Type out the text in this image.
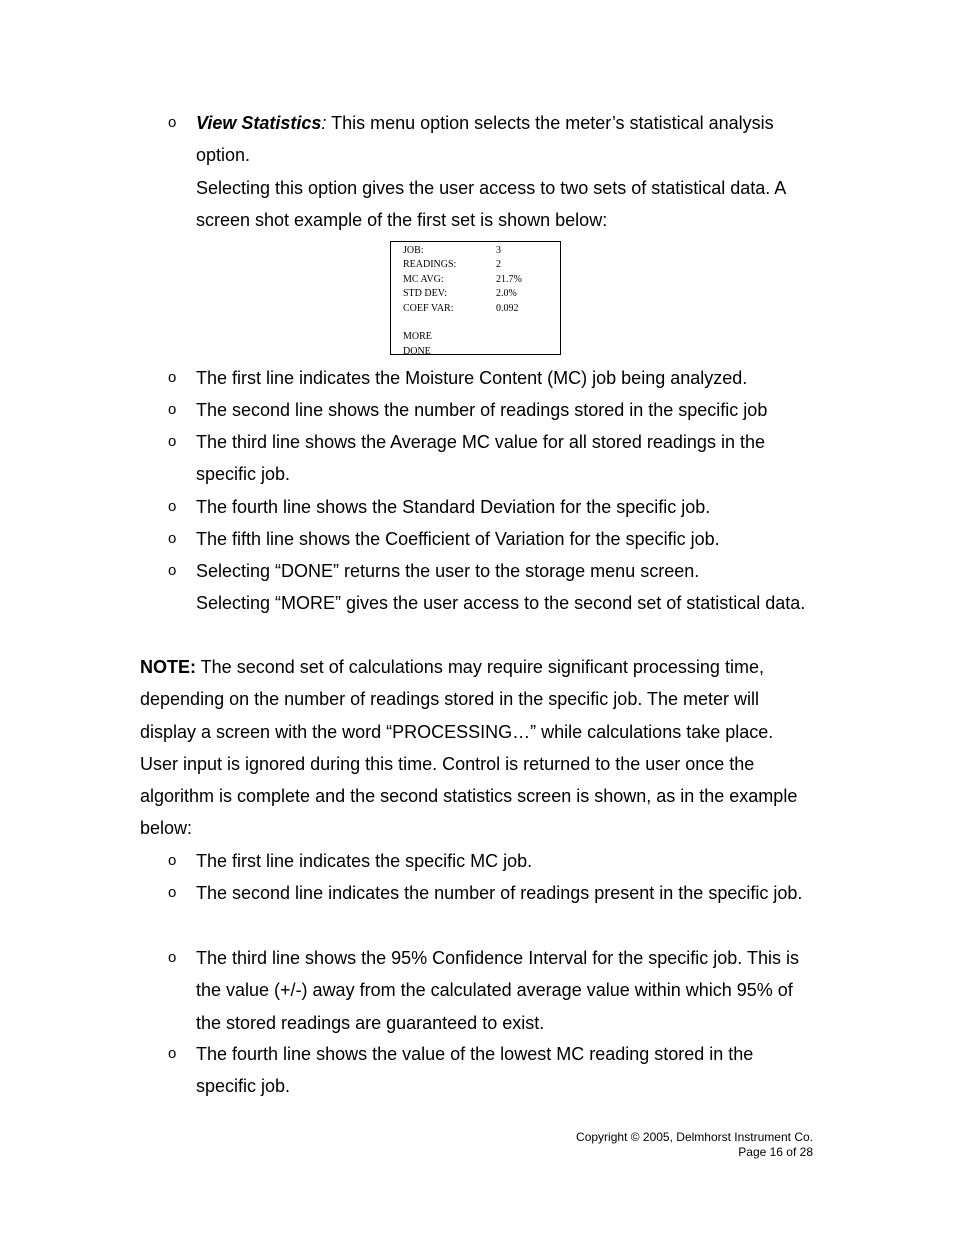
o	View Statistics: This menu option selects the meter’s statistical analysis option.

Selecting this option gives the user access to two sets of statistical data. A screen shot example of the first set is shown below:

JOB:	3
READINGS:	2
MC AVG:	21.7%
STD DEV:	2.0%
COEF VAR:	0.092
MORE
DONE
o	The first line indicates the Moisture Content (MC) job being analyzed.
o	The second line shows the number of readings stored in the specific job
o	The third line shows the Average MC value for all stored readings in the specific job.
o	The fourth line shows the Standard Deviation for the specific job.
o	The fifth line shows the Coefficient of Variation for the specific job.
o	Selecting “DONE” returns the user to the storage menu screen.

Selecting “MORE” gives the user access to the second set of statistical data.

NOTE: The second set of calculations may require significant processing time, depending on the number of readings stored in the specific job. The meter will display a screen with the word “PROCESSING…” while calculations take place. User input is ignored during this time. Control is returned to the user once the algorithm is complete and the second statistics screen is shown, as in the example below:
o	The first line indicates the specific MC job.
o	The second line indicates the number of readings present in the specific job.
o	The third line shows the 95% Confidence Interval for the specific job. This is the value (+/-) away from the calculated average value within which 95% of the stored readings are guaranteed to exist.
o	The fourth line shows the value of the lowest MC reading stored in the specific job.
Copyright © 2005, Delmhorst Instrument Co.
Page 16 of 28
